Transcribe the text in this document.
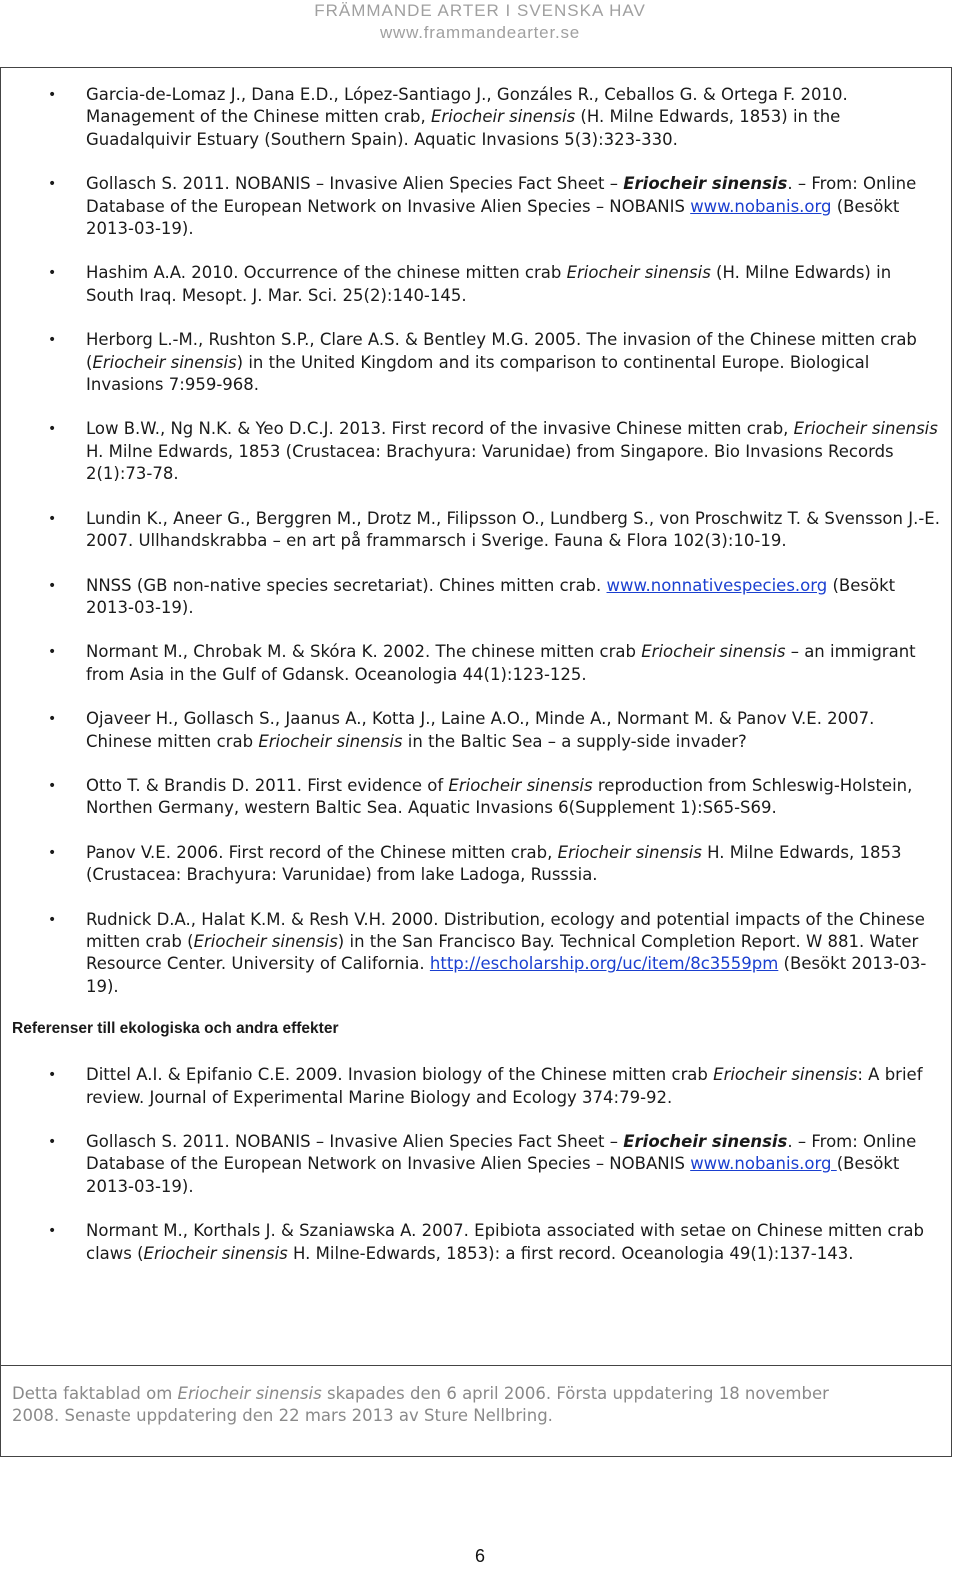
FRÄMMANDE ARTER I SVENSKA HAV
www.frammandearter.se
• Garcia-de-Lomaz J., Dana E.D., López-Santiago J., Gonzáles R., Ceballos G. & Ortega F. 2010. Management of the Chinese mitten crab, Eriocheir sinensis (H. Milne Edwards, 1853) in the Guadalquivir Estuary (Southern Spain). Aquatic Invasions 5(3):323-330.
• Gollasch S. 2011. NOBANIS – Invasive Alien Species Fact Sheet – Eriocheir sinensis. – From: Online Database of the European Network on Invasive Alien Species – NOBANIS www.nobanis.org (Besökt 2013-03-19).
• Hashim A.A. 2010. Occurrence of the chinese mitten crab Eriocheir sinensis (H. Milne Edwards) in South Iraq. Mesopt. J. Mar. Sci. 25(2):140-145.
• Herborg L.-M., Rushton S.P., Clare A.S. & Bentley M.G. 2005. The invasion of the Chinese mitten crab (Eriocheir sinensis) in the United Kingdom and its comparison to continental Europe. Biological Invasions 7:959-968.
• Low B.W., Ng N.K. & Yeo D.C.J. 2013. First record of the invasive Chinese mitten crab, Eriocheir sinensis H. Milne Edwards, 1853 (Crustacea: Brachyura: Varunidae) from Singapore. Bio Invasions Records 2(1):73-78.
• Lundin K., Aneer G., Berggren M., Drotz M., Filipsson O., Lundberg S., von Proschwitz T. & Svensson J.-E. 2007. Ullhandskrabba – en art på frammarsch i Sverige. Fauna & Flora 102(3):10-19.
• NNSS (GB non-native species secretariat). Chines mitten crab. www.nonnativespecies.org (Besökt 2013-03-19).
• Normant M., Chrobak M. & Skóra K. 2002. The chinese mitten crab Eriocheir sinensis – an immigrant from Asia in the Gulf of Gdansk. Oceanologia 44(1):123-125.
• Ojaveer H., Gollasch S., Jaanus A., Kotta J., Laine A.O., Minde A., Normant M. & Panov V.E. 2007. Chinese mitten crab Eriocheir sinensis in the Baltic Sea – a supply-side invader?
• Otto T. & Brandis D. 2011. First evidence of Eriocheir sinensis reproduction from Schleswig-Holstein, Northen Germany, western Baltic Sea. Aquatic Invasions 6(Supplement 1):S65-S69.
• Panov V.E. 2006. First record of the Chinese mitten crab, Eriocheir sinensis H. Milne Edwards, 1853 (Crustacea: Brachyura: Varunidae) from lake Ladoga, Russsia.
• Rudnick D.A., Halat K.M. & Resh V.H. 2000. Distribution, ecology and potential impacts of the Chinese mitten crab (Eriocheir sinensis) in the San Francisco Bay. Technical Completion Report. W 881. Water Resource Center. University of California. http://escholarship.org/uc/item/8c3559pm (Besökt 2013-03-19).
Referenser till ekologiska och andra effekter
• Dittel A.I. & Epifanio C.E. 2009. Invasion biology of the Chinese mitten crab Eriocheir sinensis: A brief review. Journal of Experimental Marine Biology and Ecology 374:79-92.
• Gollasch S. 2011. NOBANIS – Invasive Alien Species Fact Sheet – Eriocheir sinensis. – From: Online Database of the European Network on Invasive Alien Species – NOBANIS www.nobanis.org (Besökt 2013-03-19).
• Normant M., Korthals J. & Szaniawska A. 2007. Epibiota associated with setae on Chinese mitten crab claws (Eriocheir sinensis H. Milne-Edwards, 1853): a first record. Oceanologia 49(1):137-143.
Detta faktablad om Eriocheir sinensis skapades den 6 april 2006. Första uppdatering 18 november 2008. Senaste uppdatering den 22 mars 2013 av Sture Nellbring.
6
